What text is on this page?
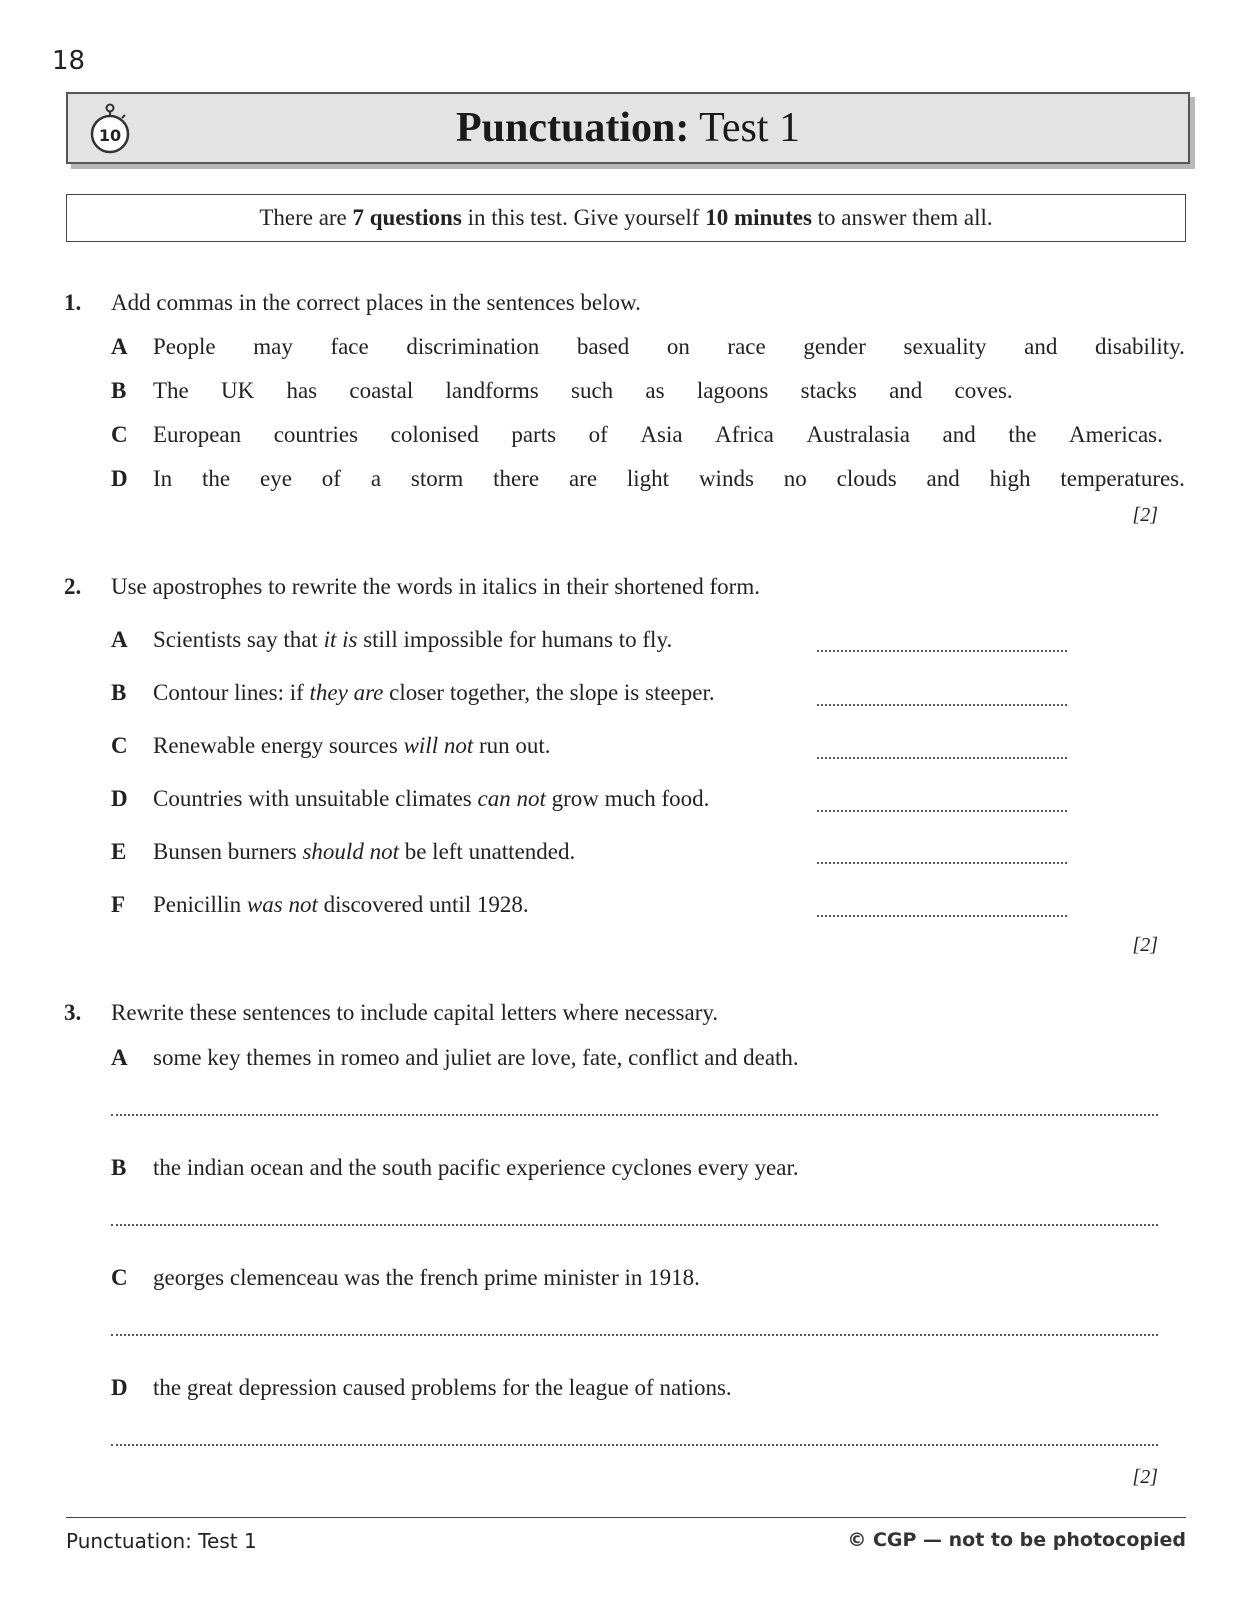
18
10	Punctuation: Test 1
There are 7 questions in this test. Give yourself 10 minutes to answer them all.
1. Add commas in the correct places in the sentences below.
A People may face discrimination based on race gender sexuality and disability.
B The   UK   has   coastal   landforms   such   as   lagoons   stacks   and   coves.
C European countries colonised parts of Asia Africa Australasia and the Americas.
D In the eye of a storm there are light winds no clouds and high temperatures.
[2]
2. Use apostrophes to rewrite the words in italics in their shortened form.
A Scientists say that it is still impossible for humans to fly.
B Contour lines: if they are closer together, the slope is steeper.
C Renewable energy sources will not run out.
D Countries with unsuitable climates can not grow much food.
E Bunsen burners should not be left unattended.
F Penicillin was not discovered until 1928.
[2]
3. Rewrite these sentences to include capital letters where necessary.
A some key themes in romeo and juliet are love, fate, conflict and death.
B the indian ocean and the south pacific experience cyclones every year.
C georges clemenceau was the french prime minister in 1918.
D the great depression caused problems for the league of nations.
[2]
Punctuation: Test 1	© CGP — not to be photocopied
